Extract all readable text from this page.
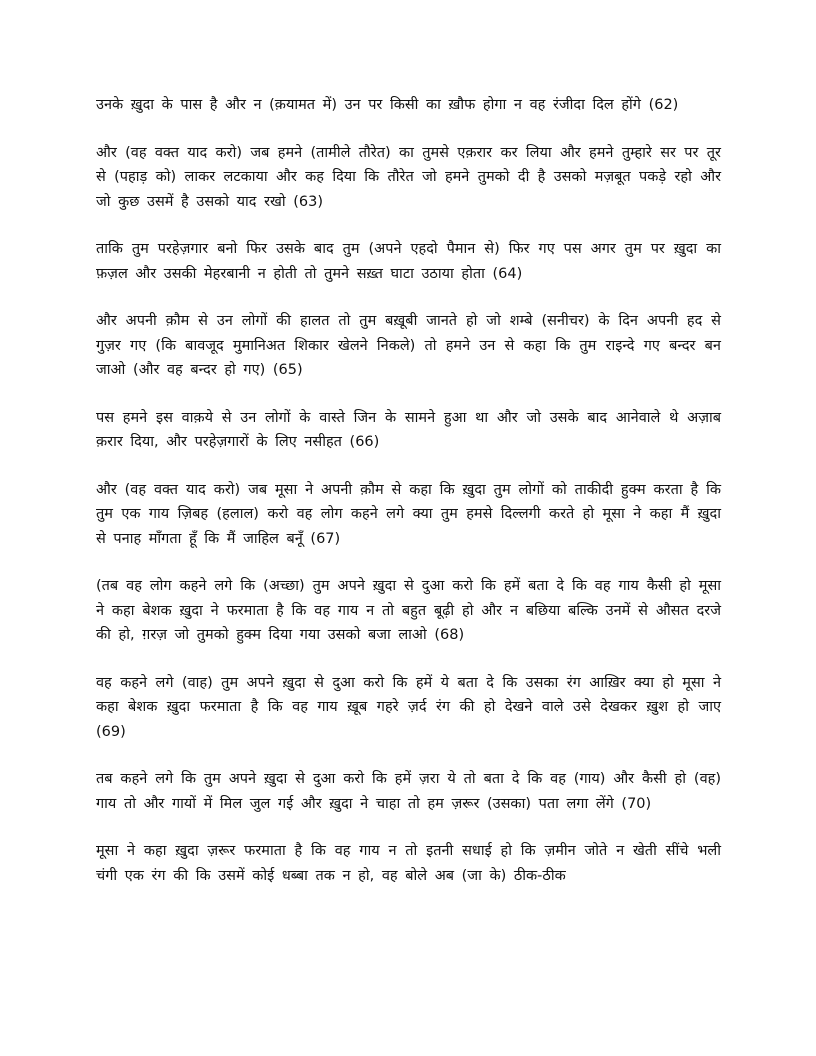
उनके ख़ुदा के पास है और न (क़यामत में) उन पर किसी का ख़ौफ होगा न वह रंजीदा दिल होंगे (62)

और (वह वक्त याद करो) जब हमने (तामीले तौरेत) का तुमसे एक़रार कर लिया और हमने तुम्हारे सर पर तूर से (पहाड़ को) लाकर लटकाया और कह दिया कि तौरेत जो हमने तुमको दी है उसको मज़बूत पकड़े रहो और जो कुछ उसमें है उसको याद रखो (63)

ताकि तुम परहेज़गार बनो फिर उसके बाद तुम (अपने एहदो पैमान से) फिर गए पस अगर तुम पर ख़ुदा का फ़ज़ल और उसकी मेहरबानी न होती तो तुमने सख़्त घाटा उठाया होता (64)

और अपनी क़ौम से उन लोगों की हालत तो तुम बख़ूबी जानते हो जो शम्बे (सनीचर) के दिन अपनी हद से गुज़र गए (कि बावजूद मुमानिअत शिकार खेलने निकले) तो हमने उन से कहा कि तुम राइन्दे गए बन्दर बन जाओ (और वह बन्दर हो गए) (65)

पस हमने इस वाक़ये से उन लोगों के वास्ते जिन के सामने हुआ था और जो उसके बाद आनेवाले थे अज़ाब क़रार दिया, और परहेज़गारों के लिए नसीहत (66)

और (वह वक्त याद करो) जब मूसा ने अपनी क़ौम से कहा कि ख़ुदा तुम लोगों को ताकीदी हुक्म करता है कि तुम एक गाय ज़िबह (हलाल) करो वह लोग कहने लगे क्या तुम हमसे दिल्लगी करते हो मूसा ने कहा मैं ख़ुदा से पनाह माँगता हूँ कि मैं जाहिल बनूँ (67)

(तब वह लोग कहने लगे कि (अच्छा) तुम अपने ख़ुदा से दुआ करो कि हमें बता दे कि वह गाय कैसी हो मूसा ने कहा बेशक ख़ुदा ने फरमाता है कि वह गाय न तो बहुत बूढ़ी हो और न बछिया बल्कि उनमें से औसत दरजे की हो, ग़रज़ जो तुमको हुक्म दिया गया उसको बजा लाओ (68)

वह कहने लगे (वाह) तुम अपने ख़ुदा से दुआ करो कि हमें ये बता दे कि उसका रंग आख़िर क्या हो मूसा ने कहा बेशक ख़ुदा फरमाता है कि वह गाय ख़ूब गहरे ज़र्द रंग की हो देखने वाले उसे देखकर ख़ुश हो जाए (69)

तब कहने लगे कि तुम अपने ख़ुदा से दुआ करो कि हमें ज़रा ये तो बता दे कि वह (गाय) और कैसी हो (वह) गाय तो और गायों में मिल जुल गई और ख़ुदा ने चाहा तो हम ज़रूर (उसका) पता लगा लेंगे (70)

मूसा ने कहा ख़ुदा ज़रूर फरमाता है कि वह गाय न तो इतनी सधाई हो कि ज़मीन जोते न खेती सींचे भली चंगी एक रंग की कि उसमें कोई धब्बा तक न हो, वह बोले अब (जा के) ठीक-ठीक
